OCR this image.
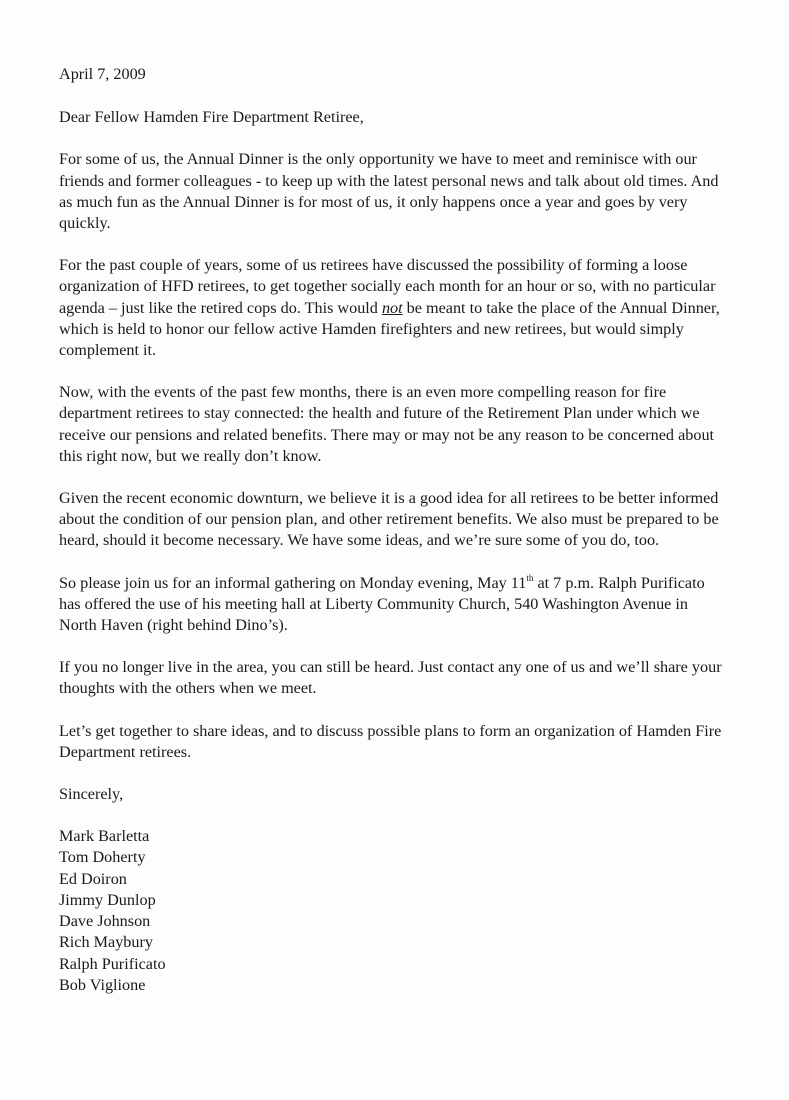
April 7, 2009

Dear Fellow Hamden Fire Department Retiree,

For some of us, the Annual Dinner is the only opportunity we have to meet and reminisce with our friends and former colleagues - to keep up with the latest personal news and talk about old times. And as much fun as the Annual Dinner is for most of us, it only happens once a year and goes by very quickly.

For the past couple of years, some of us retirees have discussed the possibility of forming a loose organization of HFD retirees, to get together socially each month for an hour or so, with no particular agenda – just like the retired cops do. This would not be meant to take the place of the Annual Dinner, which is held to honor our fellow active Hamden firefighters and new retirees, but would simply complement it.

Now, with the events of the past few months, there is an even more compelling reason for fire department retirees to stay connected: the health and future of the Retirement Plan under which we receive our pensions and related benefits. There may or may not be any reason to be concerned about this right now, but we really don’t know.

Given the recent economic downturn, we believe it is a good idea for all retirees to be better informed about the condition of our pension plan, and other retirement benefits. We also must be prepared to be heard, should it become necessary. We have some ideas, and we’re sure some of you do, too.

So please join us for an informal gathering on Monday evening, May 11th at 7 p.m. Ralph Purificato has offered the use of his meeting hall at Liberty Community Church, 540 Washington Avenue in North Haven (right behind Dino’s).

If you no longer live in the area, you can still be heard. Just contact any one of us and we’ll share your thoughts with the others when we meet.

Let’s get together to share ideas, and to discuss possible plans to form an organization of Hamden Fire Department retirees.

Sincerely,

Mark Barletta
Tom Doherty
Ed Doiron
Jimmy Dunlop
Dave Johnson
Rich Maybury
Ralph Purificato
Bob Viglione
